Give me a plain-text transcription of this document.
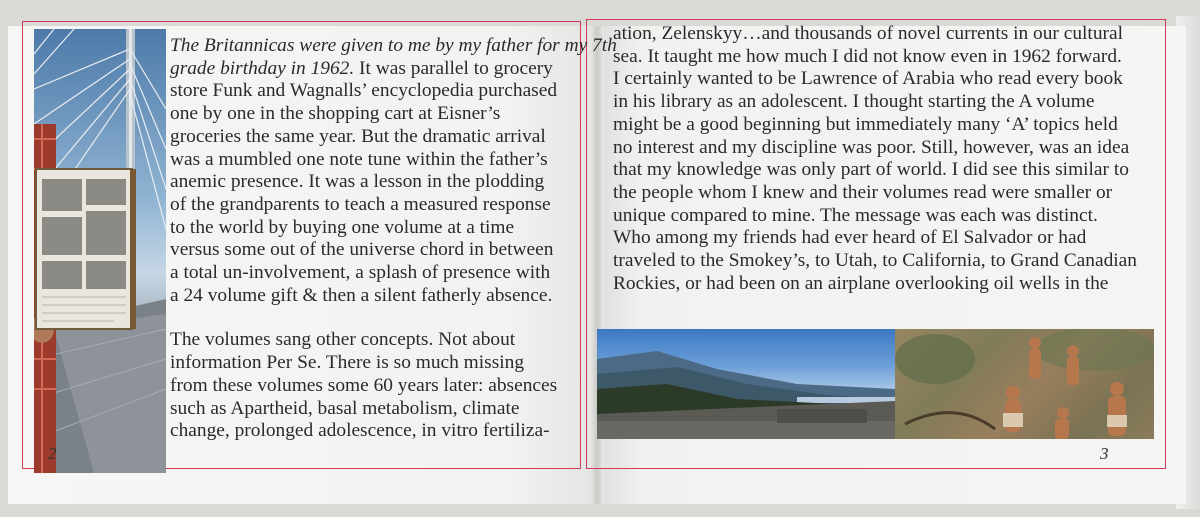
The Britannicas were given to me by my father for my 7th
grade birthday in 1962. It was parallel to grocery
store Funk and Wagnalls’ encyclopedia purchased
one by one in the shopping cart at Eisner’s
groceries the same year. But the dramatic arrival
was a mumbled one note tune within the father’s
anemic presence. It was a lesson in the plodding
of the grandparents to teach a measured response
to the world by buying one volume at a time
versus some out of the universe chord in between
a total un-involvement, a splash of presence with
a 24 volume gift & then a silent fatherly absence.
The volumes sang other concepts. Not about
information Per Se. There is so much missing
from these volumes some 60 years later: absences
such as Apartheid, basal metabolism, climate
change, prolonged adolescence, in vitro fertiliza-
ation, Zelenskyy…and thousands of novel currents in our cultural
sea. It taught me how much I did not know even in 1962 forward.
I certainly wanted to be Lawrence of Arabia who read every book
in his library as an adolescent. I thought starting the A volume
might be a good beginning but immediately many ‘A’ topics held
no interest and my discipline was poor. Still, however, was an idea
that my knowledge was only part of world. I did see this similar to
the people whom I knew and their volumes read were smaller or
unique compared to mine. The message was each was distinct.
Who among my friends had ever heard of El Salvador or had
traveled to the Smokey’s, to Utah, to California, to Grand Canadian
Rockies, or had been on an airplane overlooking oil wells in the
2	3
